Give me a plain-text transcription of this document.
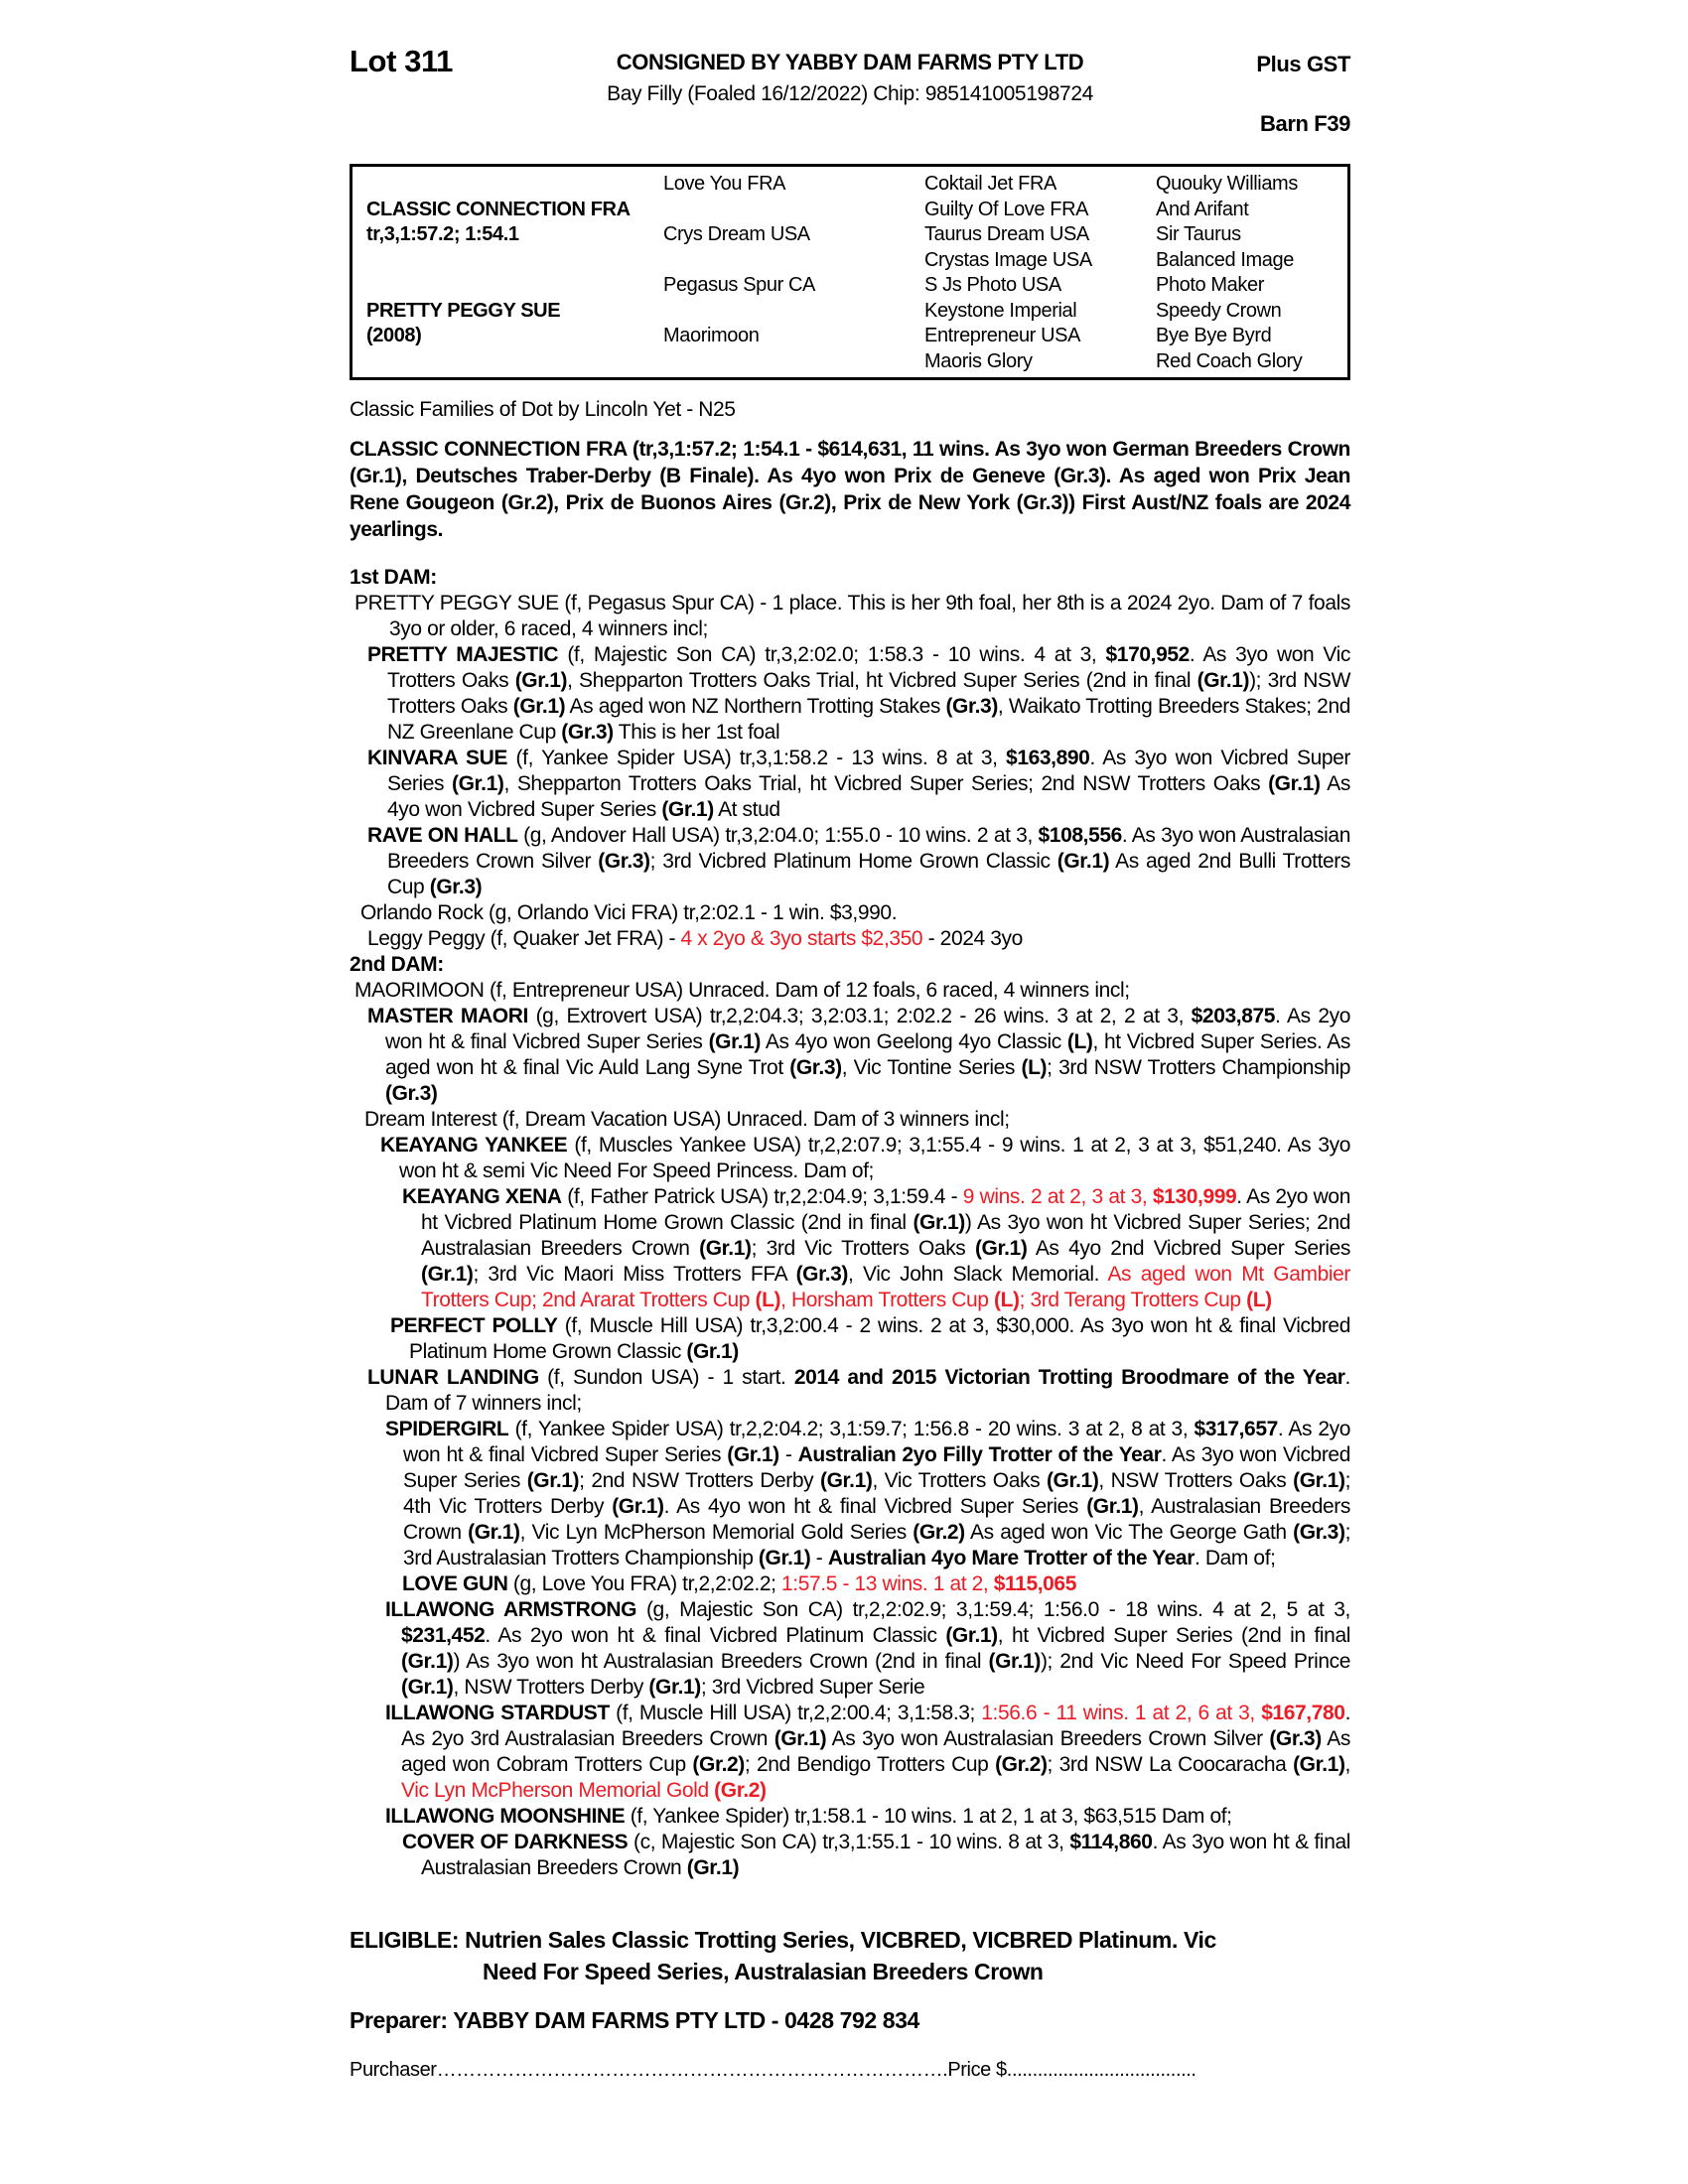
Lot 311	CONSIGNED BY YABBY DAM FARMS PTY LTD
Bay Filly (Foaled 16/12/2022) Chip: 985141005198724
Plus GST
Barn F39

CLASSIC CONNECTION FRA
tr,3,1:57.2; 1:54.1

PRETTY PEGGY SUE
(2008)

Love You FRA

Crys Dream USA

Pegasus Spur CA

Maorimoon

Coktail Jet FRA
Guilty Of Love FRA
Taurus Dream USA
Crystas Image USA
S Js Photo USA
Keystone Imperial
Entrepreneur USA
Maoris Glory
Quouky Williams
And Arifant
Sir Taurus
Balanced Image
Photo Maker
Speedy Crown
Bye Bye Byrd
Red Coach Glory
Classic Families of Dot by Lincoln Yet - N25
CLASSIC CONNECTION FRA (tr,3,1:57.2; 1:54.1 - $614,631, 11 wins. As 3yo won German Breeders Crown (Gr.1), Deutsches Traber-Derby (B Finale). As 4yo won Prix de Geneve (Gr.3). As aged won Prix Jean Rene Gougeon (Gr.2), Prix de Buonos Aires (Gr.2), Prix de New York (Gr.3)) First Aust/NZ foals are 2024 yearlings.
1st DAM:
PRETTY PEGGY SUE (f, Pegasus Spur CA) - 1 place. This is her 9th foal, her 8th is a 2024 2yo. Dam of 7 foals 3yo or older, 6 raced, 4 winners incl;
PRETTY MAJESTIC (f, Majestic Son CA) tr,3,2:02.0; 1:58.3 - 10 wins. 4 at 3, $170,952. As 3yo won Vic Trotters Oaks (Gr.1), Shepparton Trotters Oaks Trial, ht Vicbred Super Series (2nd in final (Gr.1)); 3rd NSW Trotters Oaks (Gr.1) As aged won NZ Northern Trotting Stakes (Gr.3), Waikato Trotting Breeders Stakes; 2nd NZ Greenlane Cup (Gr.3) This is her 1st foal
KINVARA SUE (f, Yankee Spider USA) tr,3,1:58.2 - 13 wins. 8 at 3, $163,890. As 3yo won Vicbred Super Series (Gr.1), Shepparton Trotters Oaks Trial, ht Vicbred Super Series; 2nd NSW Trotters Oaks (Gr.1) As 4yo won Vicbred Super Series (Gr.1) At stud
RAVE ON HALL (g, Andover Hall USA) tr,3,2:04.0; 1:55.0 - 10 wins. 2 at 3, $108,556. As 3yo won Australasian Breeders Crown Silver (Gr.3); 3rd Vicbred Platinum Home Grown Classic (Gr.1) As aged 2nd Bulli Trotters Cup (Gr.3)
Orlando Rock (g, Orlando Vici FRA) tr,2:02.1 - 1 win. $3,990.
Leggy Peggy (f, Quaker Jet FRA) - 4 x 2yo & 3yo starts $2,350 - 2024 3yo
2nd DAM:
MAORIMOON (f, Entrepreneur USA) Unraced. Dam of 12 foals, 6 raced, 4 winners incl;
MASTER MAORI (g, Extrovert USA) tr,2,2:04.3; 3,2:03.1; 2:02.2 - 26 wins. 3 at 2, 2 at 3, $203,875. As 2yo won ht & final Vicbred Super Series (Gr.1) As 4yo won Geelong 4yo Classic (L), ht Vicbred Super Series. As aged won ht & final Vic Auld Lang Syne Trot (Gr.3), Vic Tontine Series (L); 3rd NSW Trotters Championship (Gr.3)
Dream Interest (f, Dream Vacation USA) Unraced. Dam of 3 winners incl;
KEAYANG YANKEE (f, Muscles Yankee USA) tr,2,2:07.9; 3,1:55.4 - 9 wins. 1 at 2, 3 at 3, $51,240. As 3yo won ht & semi Vic Need For Speed Princess. Dam of;
KEAYANG XENA (f, Father Patrick USA) tr,2,2:04.9; 3,1:59.4 - 9 wins. 2 at 2, 3 at 3, $130,999. As 2yo won ht Vicbred Platinum Home Grown Classic (2nd in final (Gr.1)) As 3yo won ht Vicbred Super Series; 2nd Australasian Breeders Crown (Gr.1); 3rd Vic Trotters Oaks (Gr.1) As 4yo 2nd Vicbred Super Series (Gr.1); 3rd Vic Maori Miss Trotters FFA (Gr.3), Vic John Slack Memorial. As aged won Mt Gambier Trotters Cup; 2nd Ararat Trotters Cup (L), Horsham Trotters Cup (L); 3rd Terang Trotters Cup (L)
PERFECT POLLY (f, Muscle Hill USA) tr,3,2:00.4 - 2 wins. 2 at 3, $30,000. As 3yo won ht & final Vicbred Platinum Home Grown Classic (Gr.1)
LUNAR LANDING (f, Sundon USA) - 1 start. 2014 and 2015 Victorian Trotting Broodmare of the Year. Dam of 7 winners incl;
SPIDERGIRL (f, Yankee Spider USA) tr,2,2:04.2; 3,1:59.7; 1:56.8 - 20 wins. 3 at 2, 8 at 3, $317,657. As 2yo won ht & final Vicbred Super Series (Gr.1) - Australian 2yo Filly Trotter of the Year. As 3yo won Vicbred Super Series (Gr.1); 2nd NSW Trotters Derby (Gr.1), Vic Trotters Oaks (Gr.1), NSW Trotters Oaks (Gr.1); 4th Vic Trotters Derby (Gr.1). As 4yo won ht & final Vicbred Super Series (Gr.1), Australasian Breeders Crown (Gr.1), Vic Lyn McPherson Memorial Gold Series (Gr.2) As aged won Vic The George Gath (Gr.3); 3rd Australasian Trotters Championship (Gr.1) - Australian 4yo Mare Trotter of the Year. Dam of;
LOVE GUN (g, Love You FRA) tr,2,2:02.2; 1:57.5 - 13 wins. 1 at 2, $115,065
ILLAWONG ARMSTRONG (g, Majestic Son CA) tr,2,2:02.9; 3,1:59.4; 1:56.0 - 18 wins. 4 at 2, 5 at 3, $231,452. As 2yo won ht & final Vicbred Platinum Classic (Gr.1), ht Vicbred Super Series (2nd in final (Gr.1)) As 3yo won ht Australasian Breeders Crown (2nd in final (Gr.1)); 2nd Vic Need For Speed Prince (Gr.1), NSW Trotters Derby (Gr.1); 3rd Vicbred Super Serie
ILLAWONG STARDUST (f, Muscle Hill USA) tr,2,2:00.4; 3,1:58.3; 1:56.6 - 11 wins. 1 at 2, 6 at 3, $167,780. As 2yo 3rd Australasian Breeders Crown (Gr.1) As 3yo won Australasian Breeders Crown Silver (Gr.3) As aged won Cobram Trotters Cup (Gr.2); 2nd Bendigo Trotters Cup (Gr.2); 3rd NSW La Coocaracha (Gr.1), Vic Lyn McPherson Memorial Gold (Gr.2)
ILLAWONG MOONSHINE (f, Yankee Spider) tr,1:58.1 - 10 wins. 1 at 2, 1 at 3, $63,515 Dam of;
COVER OF DARKNESS (c, Majestic Son CA) tr,3,1:55.1 - 10 wins. 8 at 3, $114,860. As 3yo won ht & final Australasian Breeders Crown (Gr.1)
ELIGIBLE: Nutrien Sales Classic Trotting Series, VICBRED, VICBRED Platinum. Vic
Need For Speed Series, Australasian Breeders Crown
Preparer: YABBY DAM FARMS PTY LTD - 0428 792 834
Purchaser…………………………………………………………………….Price $.....................................
